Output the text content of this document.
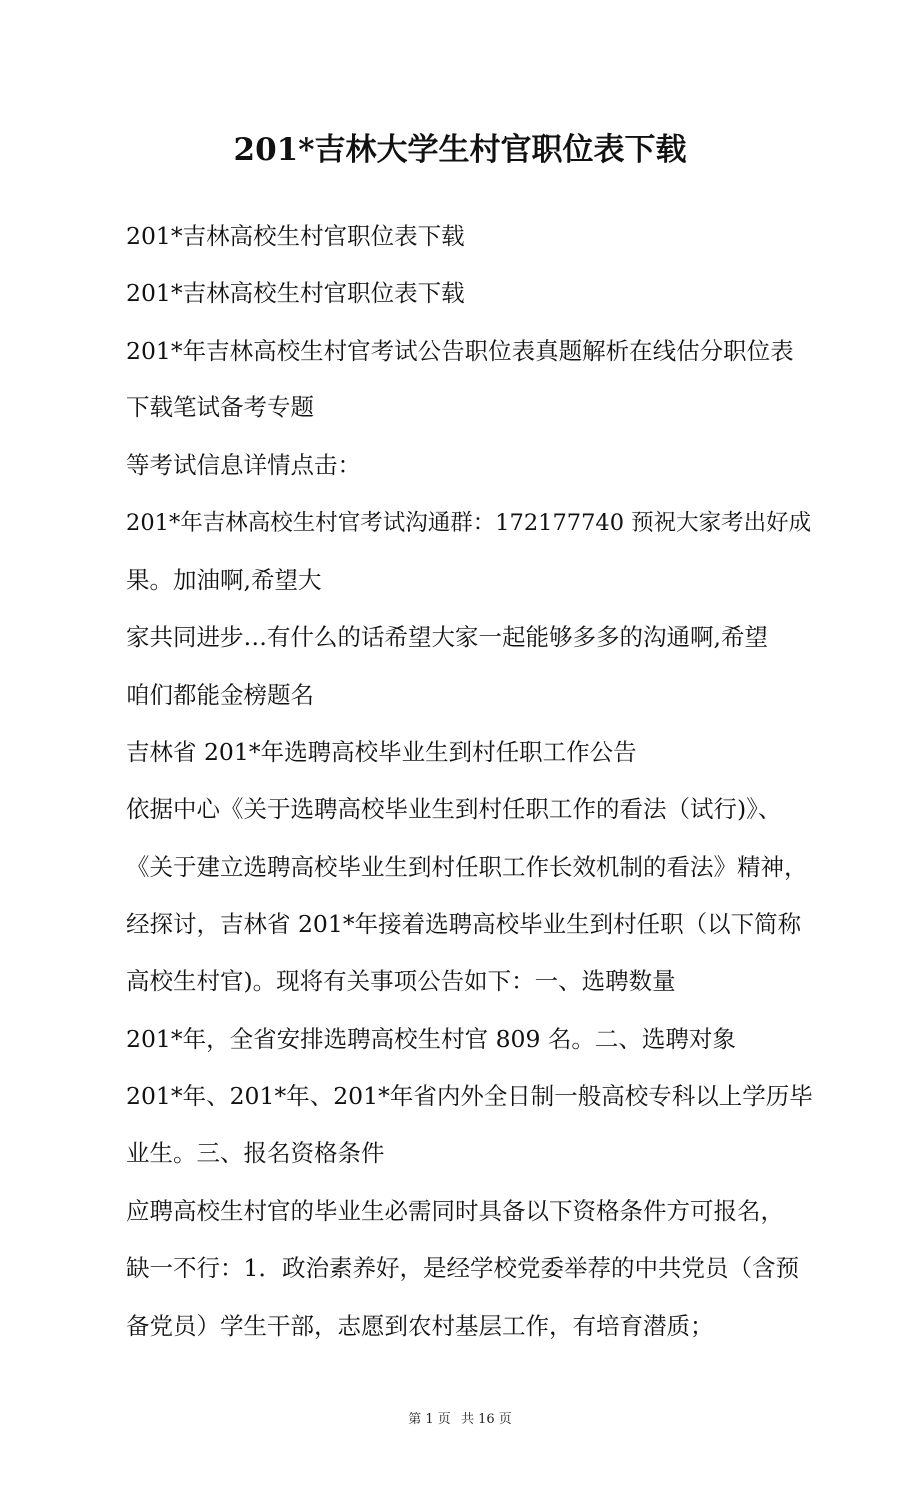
201*吉林大学生村官职位表下载
201*吉林高校生村官职位表下载
201*吉林高校生村官职位表下载
201*年吉林高校生村官考试公告职位表真题解析在线估分职位表
下载笔试备考专题
等考试信息详情点击：
201*年吉林高校生村官考试沟通群：172177740 预祝大家考出好成
果。加油啊,希望大
家共同进步…有什么的话希望大家一起能够多多的沟通啊,希望
咱们都能金榜题名
吉林省 201*年选聘高校毕业生到村任职工作公告
依据中心《关于选聘高校毕业生到村任职工作的看法（试行)》、
《关于建立选聘高校毕业生到村任职工作长效机制的看法》精神，
经探讨，吉林省 201*年接着选聘高校毕业生到村任职（以下简称
高校生村官)。现将有关事项公告如下：一、选聘数量
201*年，全省安排选聘高校生村官 809 名。二、选聘对象
201*年、201*年、201*年省内外全日制一般高校专科以上学历毕
业生。三、报名资格条件
应聘高校生村官的毕业生必需同时具备以下资格条件方可报名，
缺一不行：1．政治素养好，是经学校党委举荐的中共党员（含预
备党员）学生干部，志愿到农村基层工作，有培育潜质；
第 1 页 共 16 页
